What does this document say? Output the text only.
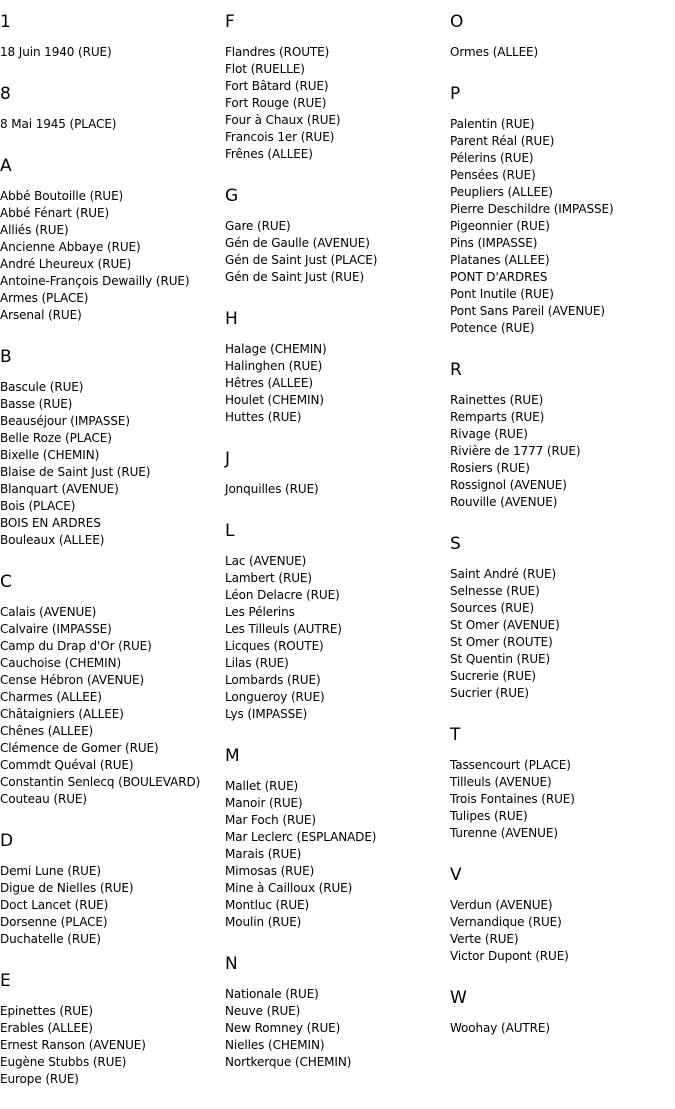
1
18 Juin 1940 (RUE)
8
8 Mai 1945 (PLACE)
A
Abbé Boutoille (RUE)
Abbé Fénart (RUE)
Alliés (RUE)
Ancienne Abbaye (RUE)
André Lheureux (RUE)
Antoine-François Dewailly (RUE)
Armes (PLACE)
Arsenal (RUE)
B
Bascule (RUE)
Basse (RUE)
Beauséjour (IMPASSE)
Belle Roze (PLACE)
Bixelle (CHEMIN)
Blaise de Saint Just (RUE)
Blanquart (AVENUE)
Bois (PLACE)
BOIS EN ARDRES
Bouleaux (ALLEE)
C
Calais (AVENUE)
Calvaire (IMPASSE)
Camp du Drap d'Or (RUE)
Cauchoise (CHEMIN)
Cense Hébron (AVENUE)
Charmes (ALLEE)
Châtaigniers (ALLEE)
Chênes (ALLEE)
Clémence de Gomer (RUE)
Commdt Quéval (RUE)
Constantin Senlecq (BOULEVARD)
Couteau (RUE)
D
Demi Lune (RUE)
Digue de Nielles (RUE)
Doct Lancet (RUE)
Dorsenne (PLACE)
Duchatelle (RUE)
E
Epinettes (RUE)
Erables (ALLEE)
Ernest Ranson (AVENUE)
Eugène Stubbs (RUE)
Europe (RUE)
F
Flandres (ROUTE)
Flot (RUELLE)
Fort Bâtard (RUE)
Fort Rouge (RUE)
Four à Chaux (RUE)
Francois 1er (RUE)
Frênes (ALLEE)
G
Gare (RUE)
Gén de Gaulle (AVENUE)
Gén de Saint Just (PLACE)
Gén de Saint Just (RUE)
H
Halage (CHEMIN)
Halinghen (RUE)
Hêtres (ALLEE)
Houlet (CHEMIN)
Huttes (RUE)
J
Jonquilles (RUE)
L
Lac (AVENUE)
Lambert (RUE)
Léon Delacre (RUE)
Les Pélerins
Les Tilleuls (AUTRE)
Licques (ROUTE)
Lilas (RUE)
Lombards (RUE)
Longueroy (RUE)
Lys (IMPASSE)
M
Mallet (RUE)
Manoir (RUE)
Mar Foch (RUE)
Mar Leclerc (ESPLANADE)
Marais (RUE)
Mimosas (RUE)
Mine à Cailloux (RUE)
Montluc (RUE)
Moulin (RUE)
N
Nationale (RUE)
Neuve (RUE)
New Romney (RUE)
Nielles (CHEMIN)
Nortkerque (CHEMIN)
O
Ormes (ALLEE)
P
Palentin (RUE)
Parent Réal (RUE)
Pélerins (RUE)
Pensées (RUE)
Peupliers (ALLEE)
Pierre Deschildre (IMPASSE)
Pigeonnier (RUE)
Pins (IMPASSE)
Platanes (ALLEE)
PONT D'ARDRES
Pont Inutile (RUE)
Pont Sans Pareil (AVENUE)
Potence (RUE)
R
Rainettes (RUE)
Remparts (RUE)
Rivage (RUE)
Rivière de 1777 (RUE)
Rosiers (RUE)
Rossignol (AVENUE)
Rouville (AVENUE)
S
Saint André (RUE)
Selnesse (RUE)
Sources (RUE)
St Omer (AVENUE)
St Omer (ROUTE)
St Quentin (RUE)
Sucrerie (RUE)
Sucrier (RUE)
T
Tassencourt (PLACE)
Tilleuls (AVENUE)
Trois Fontaines (RUE)
Tulipes (RUE)
Turenne (AVENUE)
V
Verdun (AVENUE)
Vernandique (RUE)
Verte (RUE)
Victor Dupont (RUE)
W
Woohay (AUTRE)
